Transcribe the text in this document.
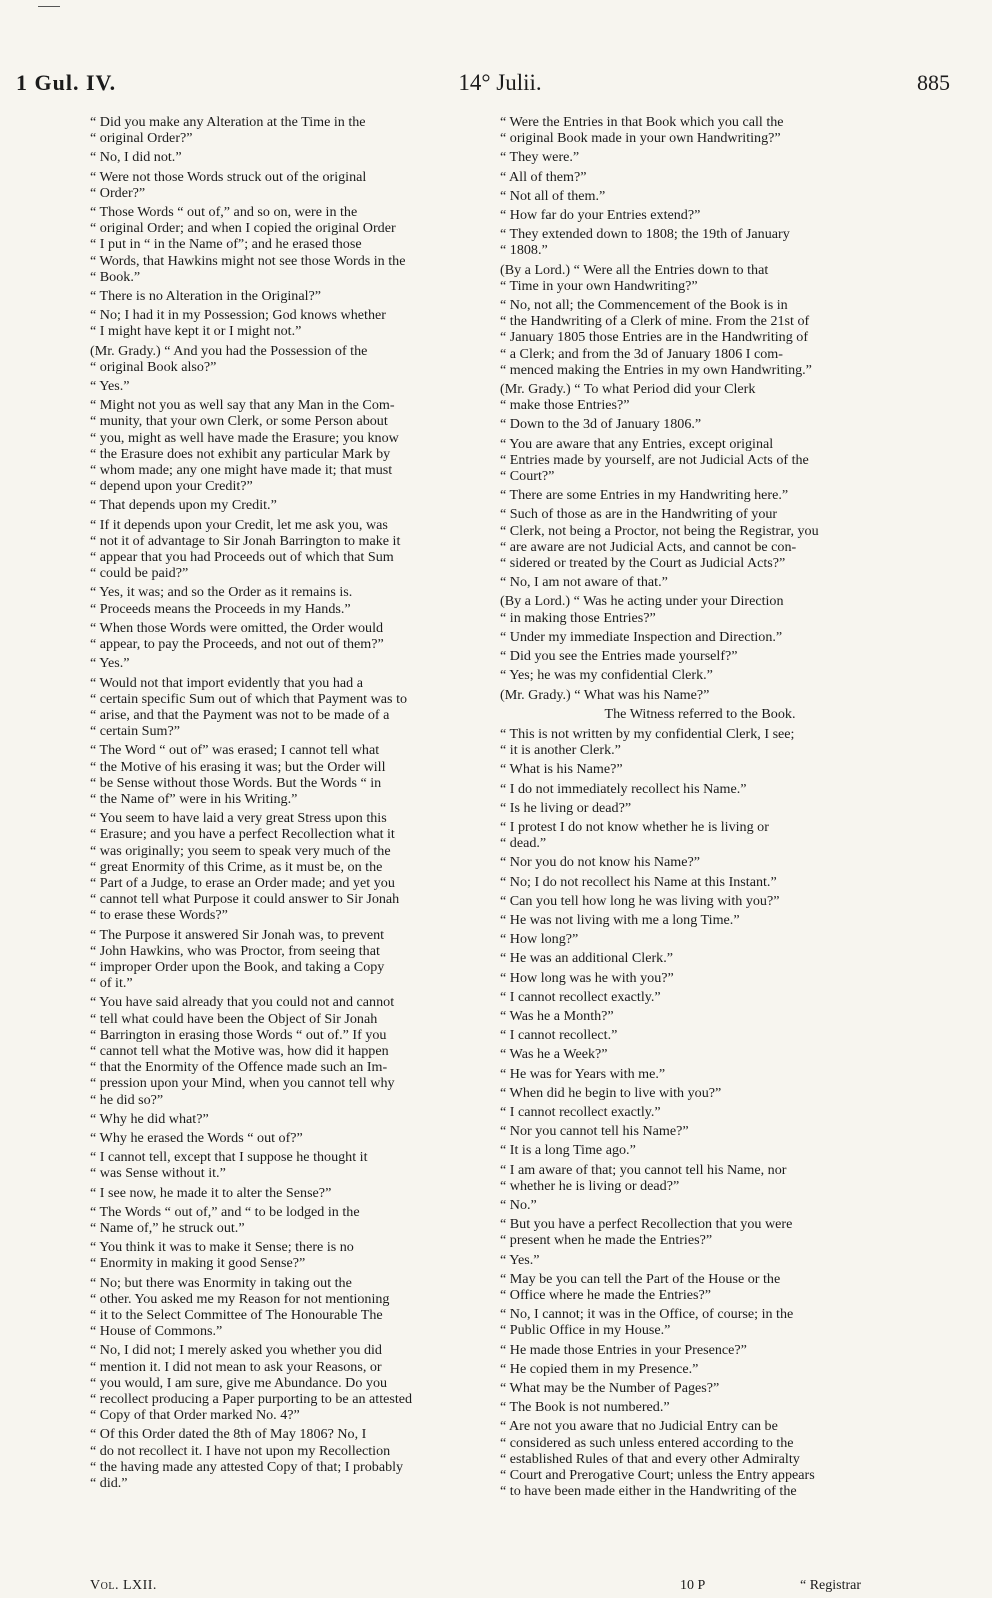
1 Gul. IV.	14° Julii.	885

“ Did you make any Alteration at the Time in the
“ original Order?”

“ No, I did not.”

“ Were not those Words struck out of the original
“ Order?”

“ Those Words “ out of,” and so on, were in the
“ original Order; and when I copied the original Order
“ I put in “ in the Name of”; and he erased those
“ Words, that Hawkins might not see those Words in the
“ Book.”

“ There is no Alteration in the Original?”

“ No; I had it in my Possession; God knows whether
“ I might have kept it or I might not.”

(Mr. Grady.) “ And you had the Possession of the
“ original Book also?”

“ Yes.”

“ Might not you as well say that any Man in the Com-
“ munity, that your own Clerk, or some Person about
“ you, might as well have made the Erasure; you know
“ the Erasure does not exhibit any particular Mark by
“ whom made; any one might have made it; that must
“ depend upon your Credit?”

“ That depends upon my Credit.”

“ If it depends upon your Credit, let me ask you, was
“ not it of advantage to Sir Jonah Barrington to make it
“ appear that you had Proceeds out of which that Sum
“ could be paid?”

“ Yes, it was; and so the Order as it remains is.
“ Proceeds means the Proceeds in my Hands.”

“ When those Words were omitted, the Order would
“ appear, to pay the Proceeds, and not out of them?”

“ Yes.”

“ Would not that import evidently that you had a
“ certain specific Sum out of which that Payment was to
“ arise, and that the Payment was not to be made of a
“ certain Sum?”

“ The Word “ out of” was erased; I cannot tell what
“ the Motive of his erasing it was; but the Order will
“ be Sense without those Words. But the Words “ in
“ the Name of” were in his Writing.”

“ You seem to have laid a very great Stress upon this
“ Erasure; and you have a perfect Recollection what it
“ was originally; you seem to speak very much of the
“ great Enormity of this Crime, as it must be, on the
“ Part of a Judge, to erase an Order made; and yet you
“ cannot tell what Purpose it could answer to Sir Jonah
“ to erase these Words?”

“ The Purpose it answered Sir Jonah was, to prevent
“ John Hawkins, who was Proctor, from seeing that
“ improper Order upon the Book, and taking a Copy
“ of it.”

“ You have said already that you could not and cannot
“ tell what could have been the Object of Sir Jonah
“ Barrington in erasing those Words “ out of.” If you
“ cannot tell what the Motive was, how did it happen
“ that the Enormity of the Offence made such an Im-
“ pression upon your Mind, when you cannot tell why
“ he did so?”

“ Why he did what?”

“ Why he erased the Words “ out of?”

“ I cannot tell, except that I suppose he thought it
“ was Sense without it.”

“ I see now, he made it to alter the Sense?”

“ The Words “ out of,” and “ to be lodged in the
“ Name of,” he struck out.”

“ You think it was to make it Sense; there is no
“ Enormity in making it good Sense?”

“ No; but there was Enormity in taking out the
“ other. You asked me my Reason for not mentioning
“ it to the Select Committee of The Honourable The
“ House of Commons.”

“ No, I did not; I merely asked you whether you did
“ mention it. I did not mean to ask your Reasons, or
“ you would, I am sure, give me Abundance. Do you
“ recollect producing a Paper purporting to be an attested
“ Copy of that Order marked No. 4?”

“ Of this Order dated the 8th of May 1806? No, I
“ do not recollect it. I have not upon my Recollection
“ the having made any attested Copy of that; I probably
“ did.”

“ Were the Entries in that Book which you call the
“ original Book made in your own Handwriting?”

“ They were.”

“ All of them?”

“ Not all of them.”

“ How far do your Entries extend?”

“ They extended down to 1808; the 19th of January
“ 1808.”

(By a Lord.) “ Were all the Entries down to that
“ Time in your own Handwriting?”

“ No, not all; the Commencement of the Book is in
“ the Handwriting of a Clerk of mine. From the 21st of
“ January 1805 those Entries are in the Handwriting of
“ a Clerk; and from the 3d of January 1806 I com-
“ menced making the Entries in my own Handwriting.”

(Mr. Grady.) “ To what Period did your Clerk
“ make those Entries?”

“ Down to the 3d of January 1806.”

“ You are aware that any Entries, except original
“ Entries made by yourself, are not Judicial Acts of the
“ Court?”

“ There are some Entries in my Handwriting here.”

“ Such of those as are in the Handwriting of your
“ Clerk, not being a Proctor, not being the Registrar, you
“ are aware are not Judicial Acts, and cannot be con-
“ sidered or treated by the Court as Judicial Acts?”

“ No, I am not aware of that.”

(By a Lord.) “ Was he acting under your Direction
“ in making those Entries?”

“ Under my immediate Inspection and Direction.”

“ Did you see the Entries made yourself?”

“ Yes; he was my confidential Clerk.”

(Mr. Grady.) “ What was his Name?”

The Witness referred to the Book.

“ This is not written by my confidential Clerk, I see;
“ it is another Clerk.”

“ What is his Name?”

“ I do not immediately recollect his Name.”

“ Is he living or dead?”

“ I protest I do not know whether he is living or
“ dead.”

“ Nor you do not know his Name?”

“ No; I do not recollect his Name at this Instant.”

“ Can you tell how long he was living with you?”

“ He was not living with me a long Time.”

“ How long?”

“ He was an additional Clerk.”

“ How long was he with you?”

“ I cannot recollect exactly.”

“ Was he a Month?”

“ I cannot recollect.”

“ Was he a Week?”

“ He was for Years with me.”

“ When did he begin to live with you?”

“ I cannot recollect exactly.”

“ Nor you cannot tell his Name?”

“ It is a long Time ago.”

“ I am aware of that; you cannot tell his Name, nor
“ whether he is living or dead?”

“ No.”

“ But you have a perfect Recollection that you were
“ present when he made the Entries?”

“ Yes.”

“ May be you can tell the Part of the House or the
“ Office where he made the Entries?”

“ No, I cannot; it was in the Office, of course; in the
“ Public Office in my House.”

“ He made those Entries in your Presence?”

“ He copied them in my Presence.”

“ What may be the Number of Pages?”

“ The Book is not numbered.”

“ Are not you aware that no Judicial Entry can be
“ considered as such unless entered according to the
“ established Rules of that and every other Admiralty
“ Court and Prerogative Court; unless the Entry appears
“ to have been made either in the Handwriting of the

Vol. LXII.	10 P	“ Registrar
